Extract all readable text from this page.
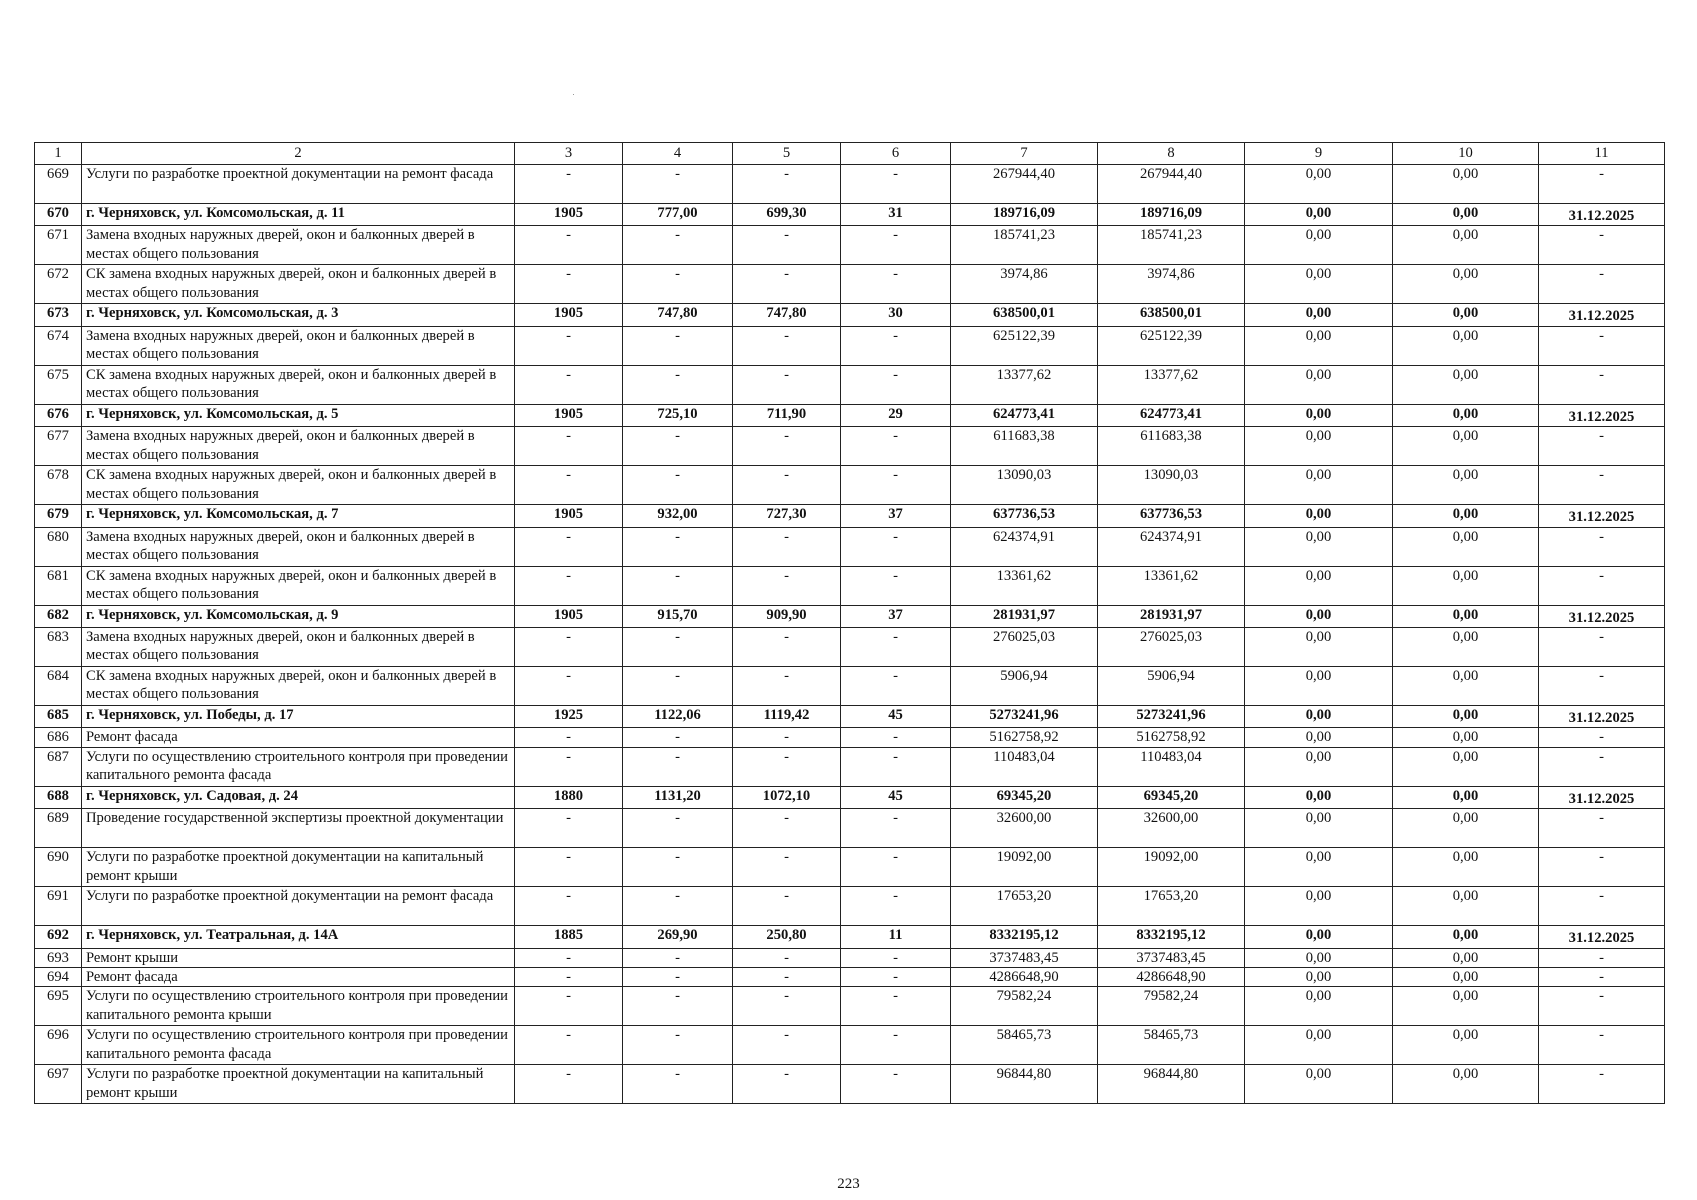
1	2	3	4	5	6	7	8	9	10	11
669	Услуги по разработке проектной документации на ремонт фасада	-	-	-	-	267944,40	267944,40	0,00	0,00	-
670	г. Черняховск, ул. Комсомольская, д. 11	1905	777,00	699,30	31	189716,09	189716,09	0,00	0,00	31.12.2025
671	Замена входных наружных дверей, окон и балконных дверей в местах общего пользования	-	-	-	-	185741,23	185741,23	0,00	0,00	-
672	СК замена входных наружных дверей, окон и балконных дверей в местах общего пользования	-	-	-	-	3974,86	3974,86	0,00	0,00	-
673	г. Черняховск, ул. Комсомольская, д. 3	1905	747,80	747,80	30	638500,01	638500,01	0,00	0,00	31.12.2025
674	Замена входных наружных дверей, окон и балконных дверей в местах общего пользования	-	-	-	-	625122,39	625122,39	0,00	0,00	-
675	СК замена входных наружных дверей, окон и балконных дверей в местах общего пользования	-	-	-	-	13377,62	13377,62	0,00	0,00	-
676	г. Черняховск, ул. Комсомольская, д. 5	1905	725,10	711,90	29	624773,41	624773,41	0,00	0,00	31.12.2025
677	Замена входных наружных дверей, окон и балконных дверей в местах общего пользования	-	-	-	-	611683,38	611683,38	0,00	0,00	-
678	СК замена входных наружных дверей, окон и балконных дверей в местах общего пользования	-	-	-	-	13090,03	13090,03	0,00	0,00	-
679	г. Черняховск, ул. Комсомольская, д. 7	1905	932,00	727,30	37	637736,53	637736,53	0,00	0,00	31.12.2025
680	Замена входных наружных дверей, окон и балконных дверей в местах общего пользования	-	-	-	-	624374,91	624374,91	0,00	0,00	-
681	СК замена входных наружных дверей, окон и балконных дверей в местах общего пользования	-	-	-	-	13361,62	13361,62	0,00	0,00	-
682	г. Черняховск, ул. Комсомольская, д. 9	1905	915,70	909,90	37	281931,97	281931,97	0,00	0,00	31.12.2025
683	Замена входных наружных дверей, окон и балконных дверей в местах общего пользования	-	-	-	-	276025,03	276025,03	0,00	0,00	-
684	СК замена входных наружных дверей, окон и балконных дверей в местах общего пользования	-	-	-	-	5906,94	5906,94	0,00	0,00	-
685	г. Черняховск, ул. Победы, д. 17	1925	1122,06	1119,42	45	5273241,96	5273241,96	0,00	0,00	31.12.2025
686	Ремонт фасада	-	-	-	-	5162758,92	5162758,92	0,00	0,00	-
687	Услуги по осуществлению строительного контроля при проведении капитального ремонта фасада	-	-	-	-	110483,04	110483,04	0,00	0,00	-
688	г. Черняховск, ул. Садовая, д. 24	1880	1131,20	1072,10	45	69345,20	69345,20	0,00	0,00	31.12.2025
689	Проведение государственной экспертизы проектной документации	-	-	-	-	32600,00	32600,00	0,00	0,00	-
690	Услуги по разработке проектной документации на капитальный ремонт крыши	-	-	-	-	19092,00	19092,00	0,00	0,00	-
691	Услуги по разработке проектной документации на ремонт фасада	-	-	-	-	17653,20	17653,20	0,00	0,00	-
692	г. Черняховск, ул. Театральная, д. 14А	1885	269,90	250,80	11	8332195,12	8332195,12	0,00	0,00	31.12.2025
693	Ремонт крыши	-	-	-	-	3737483,45	3737483,45	0,00	0,00	-
694	Ремонт фасада	-	-	-	-	4286648,90	4286648,90	0,00	0,00	-
695	Услуги по осуществлению строительного контроля при проведении капитального ремонта крыши	-	-	-	-	79582,24	79582,24	0,00	0,00	-
696	Услуги по осуществлению строительного контроля при проведении капитального ремонта фасада	-	-	-	-	58465,73	58465,73	0,00	0,00	-
697	Услуги по разработке проектной документации на капитальный ремонт крыши	-	-	-	-	96844,80	96844,80	0,00	0,00	-
223
